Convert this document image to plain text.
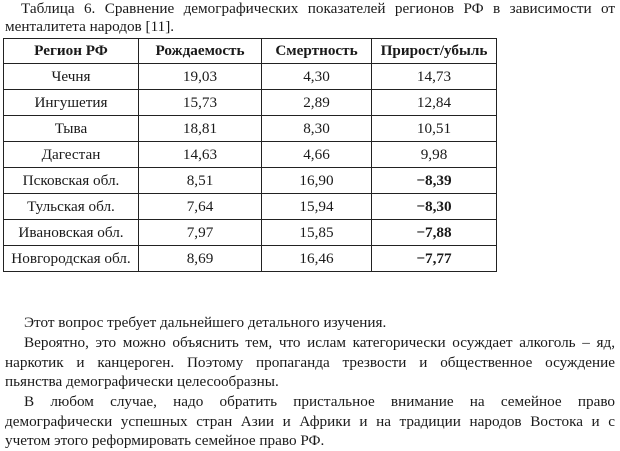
Таблица 6. Сравнение демографических показателей регионов РФ в зависимости от
менталитета народов [11].

Регион РФ	Рождаемость	Смертность	Прирост/убыль
Чечня	19,03	4,30	14,73
Ингушетия	15,73	2,89	12,84
Тыва	18,81	8,30	10,51
Дагестан	14,63	4,66	9,98
Псковская обл.	8,51	16,90	−8,39
Тульская обл.	7,64	15,94	−8,30
Ивановская обл.	7,97	15,85	−7,88
Новгородская обл.	8,69	16,46	−7,77

Этот вопрос требует дальнейшего детального изучения.

Вероятно, это можно объяснить тем, что ислам категорически осуждает алкоголь – яд,
наркотик и канцероген. Поэтому пропаганда трезвости и общественное осуждение
пьянства демографически целесообразны.

В любом случае, надо обратить пристальное внимание на семейное право
демографически успешных стран Азии и Африки и на традиции народов Востока и с
учетом этого реформировать семейное право РФ.
